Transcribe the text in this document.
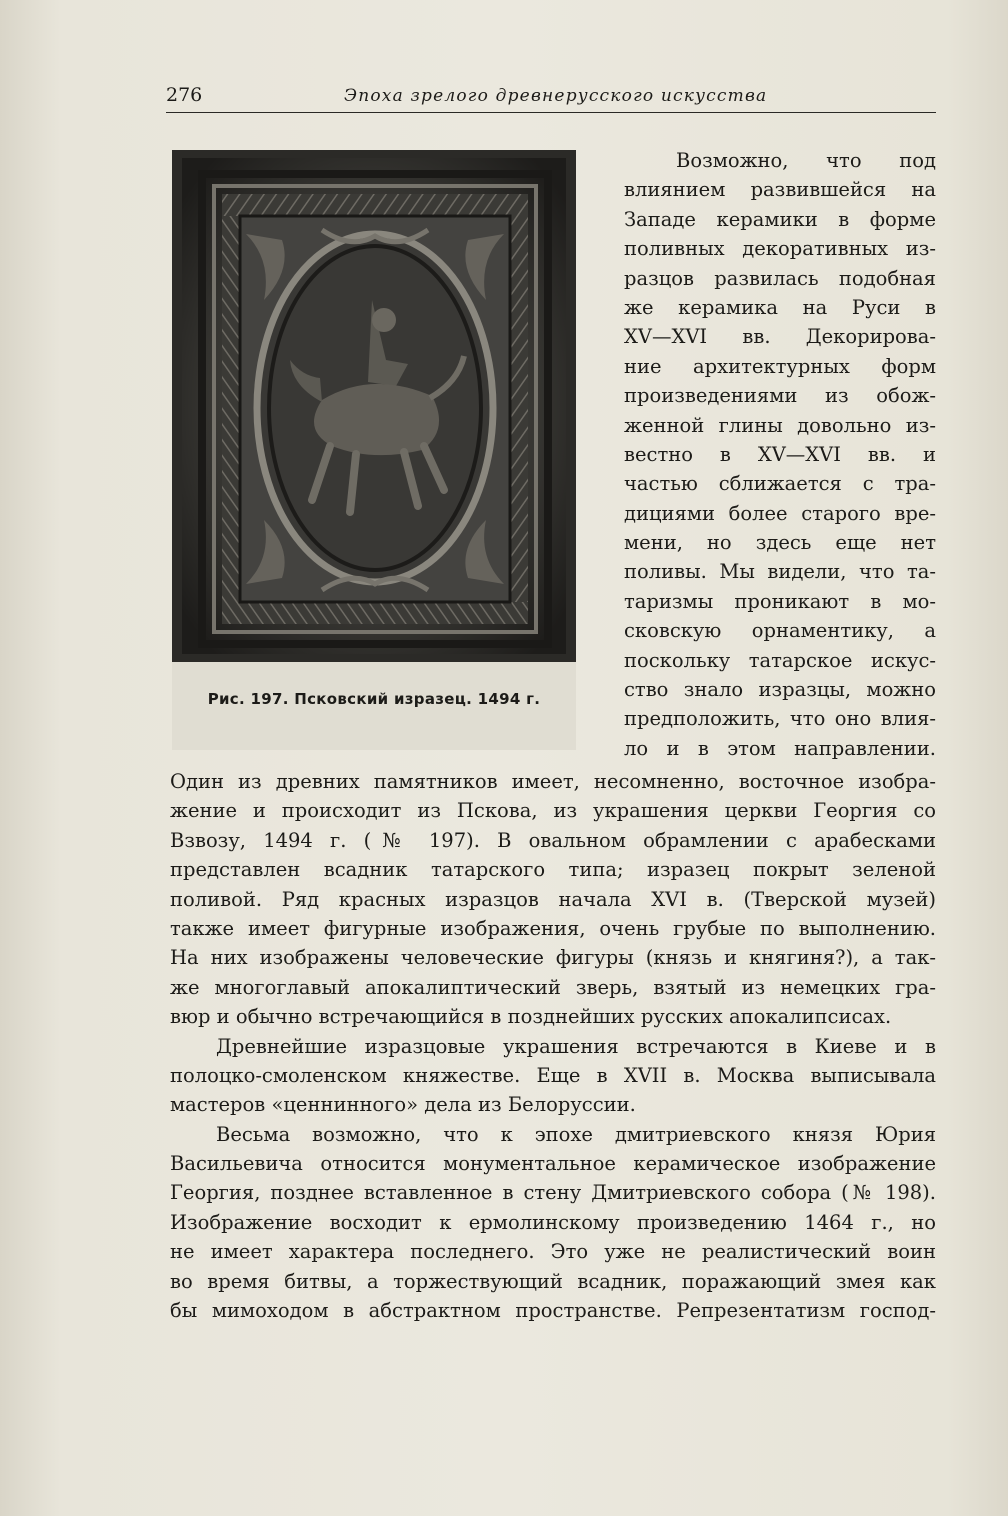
276	Эпоха зрелого древнерусского искусства
Рис. 197. Псковский изразец. 1494 г.
Возможно, что под
влиянием развившейся на
Западе керамики в форме
поливных декоративных из-
разцов развилась подобная
же керамика на Руси в
XV—XVI вв. Декорирова-
ние архитектурных форм
произведениями из обож-
женной глины довольно из-
вестно в XV—XVI вв. и
частью сближается с тра-
дициями более старого вре-
мени, но здесь еще нет
поливы. Мы видели, что та-
таризмы проникают в мо-
сковскую орнаментику, а
поскольку татарское искус-
ство знало изразцы, можно
предположить, что оно влия-
ло и в этом направлении.
Один из древних памятников имеет, несомненно, восточное изобра-
жение и происходит из Пскова, из украшения церкви Георгия со
Взвозу, 1494 г. (№ 197). В овальном обрамлении с арабесками
представлен всадник татарского типа; изразец покрыт зеленой
поливой. Ряд красных изразцов начала XVI в. (Тверской музей)
также имеет фигурные изображения, очень грубые по выполнению.
На них изображены человеческие фигуры (князь и княгиня?), а так-
же многоглавый апокалиптический зверь, взятый из немецких гра-
вюр и обычно встречающийся в позднейших русских апокалипсисах.
Древнейшие изразцовые украшения встречаются в Киеве и в
полоцко-смоленском княжестве. Еще в XVII в. Москва выписывала
мастеров «ценнинного» дела из Белоруссии.
Весьма возможно, что к эпохе дмитриевского князя Юрия
Васильевича относится монументальное керамическое изображение
Георгия, позднее вставленное в стену Дмитриевского собора (№ 198).
Изображение восходит к ермолинскому произведению 1464 г., но
не имеет характера последнего. Это уже не реалистический воин
во время битвы, а торжествующий всадник, поражающий змея как
бы мимоходом в абстрактном пространстве. Репрезентатизм господ-
